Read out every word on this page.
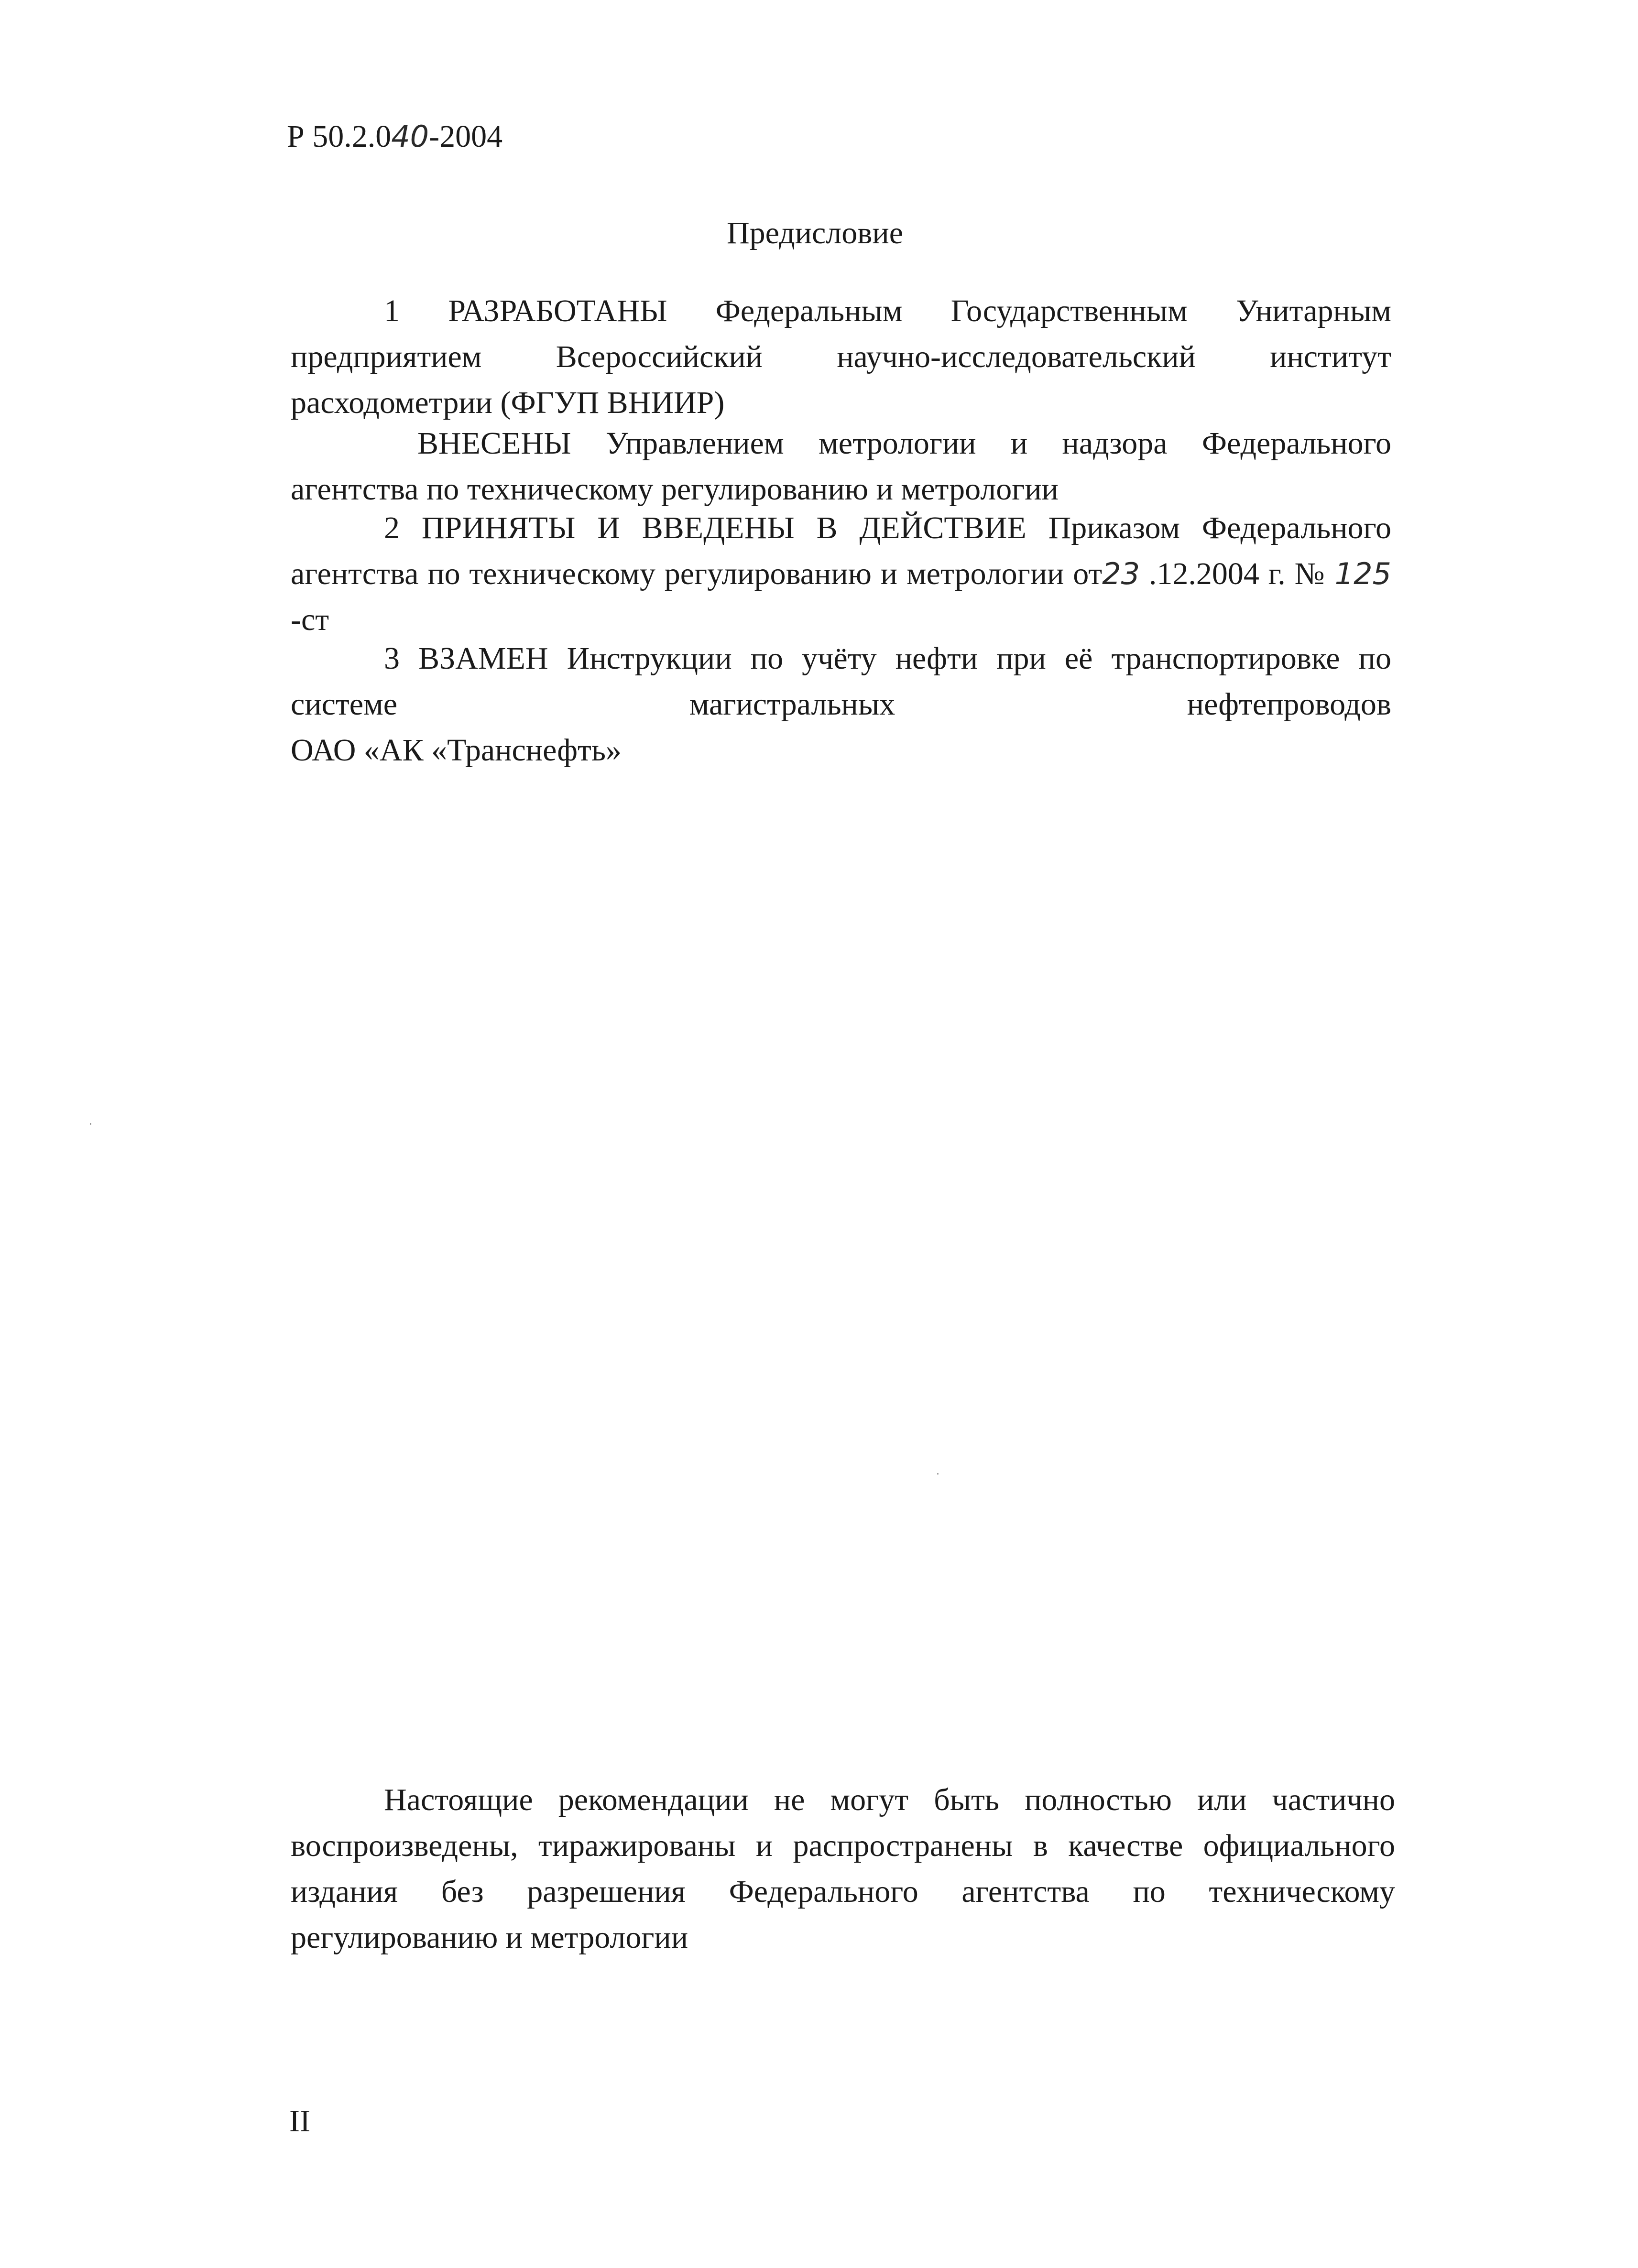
Р 50.2.040-2004
Предисловие

1 РАЗРАБОТАНЫ Федеральным Государственным Унитарным предприятием Всероссийский научно-исследовательский институт расходометрии (ФГУП ВНИИР)

ВНЕСЕНЫ Управлением метрологии и надзора Федерального агентства по техническому регулированию и метрологии

2 ПРИНЯТЫ И ВВЕДЕНЫ В ДЕЙСТВИЕ Приказом Федерального агентства по техническому регулированию и метрологии от23 .12.2004 г. № 125 -ст

3 ВЗАМЕН Инструкции по учёту нефти при её транспортировке по системе магистральных нефтепроводов

ОАО «АК «Транснефть»

Настоящие рекомендации не могут быть полностью или частично воспроизведены, тиражированы и распространены в качестве официального издания без разрешения Федерального агентства по техническому регулированию и метрологии

II
